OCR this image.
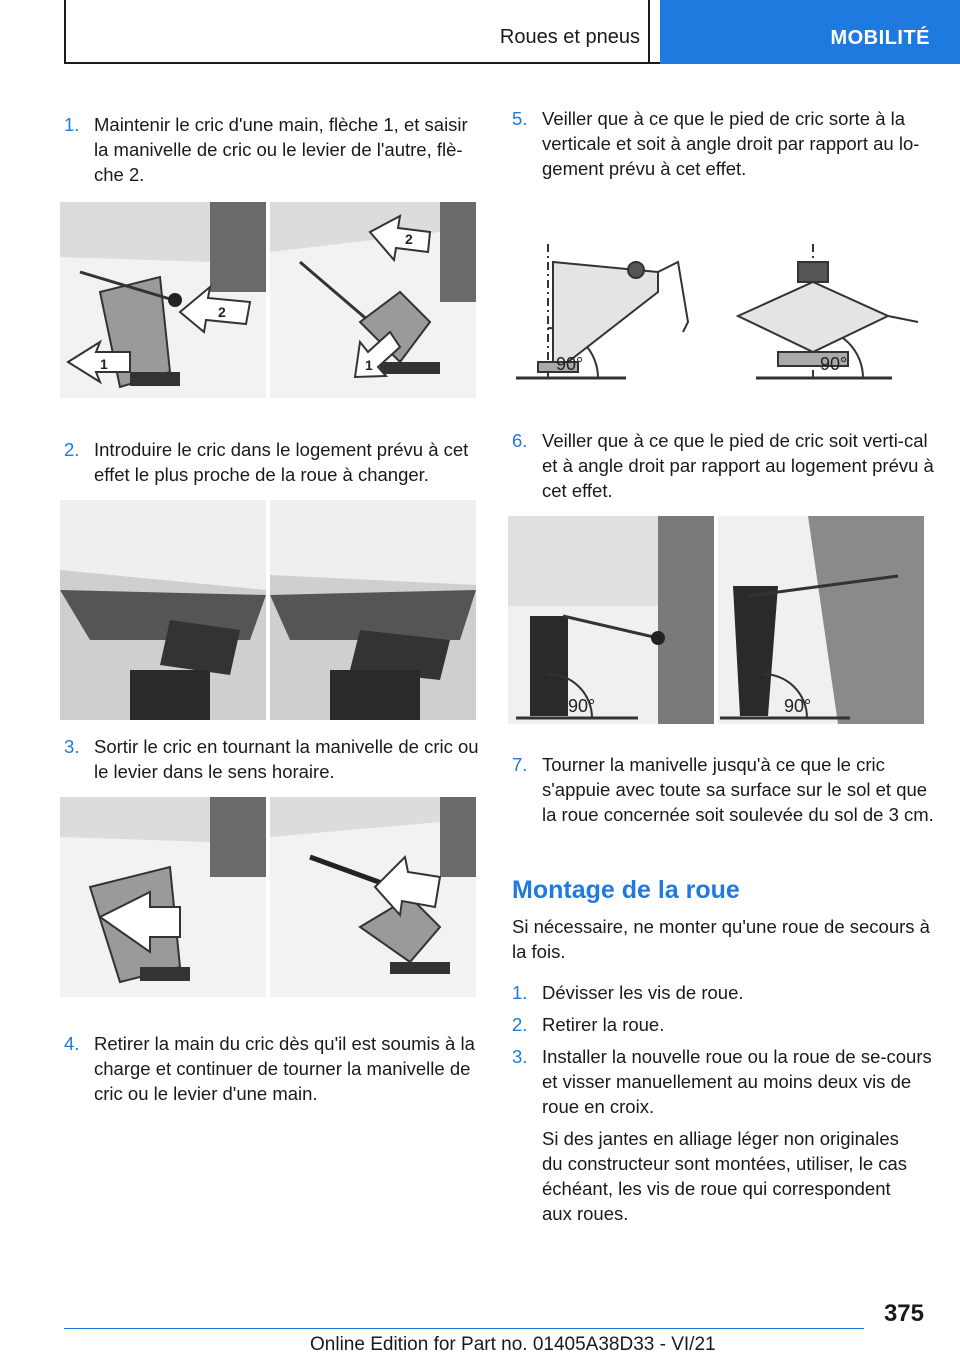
Roues et pneus	MOBILITÉ
1. Maintenir le cric d'une main, flèche 1, et saisir la manivelle de cric ou le levier de l'autre, flè-che 2.
1
2
2
1
2. Introduire le cric dans le logement prévu à cet effet le plus proche de la roue à changer.
3. Sortir le cric en tournant la manivelle de cric ou le levier dans le sens horaire.
4. Retirer la main du cric dès qu'il est soumis à la charge et continuer de tourner la manivelle de cric ou le levier d'une main.
5. Veiller que à ce que le pied de cric sorte à la verticale et soit à angle droit par rapport au lo-gement prévu à cet effet.
90°	90°
6. Veiller que à ce que le pied de cric soit verti-cal et à angle droit par rapport au logement prévu à cet effet.
90°	90°
7. Tourner la manivelle jusqu'à ce que le cric s'appuie avec toute sa surface sur le sol et que la roue concernée soit soulevée du sol de 3 cm.
Montage de la roue
Si nécessaire, ne monter qu'une roue de secours à la fois.
1. Dévisser les vis de roue.
2. Retirer la roue.
3. Installer la nouvelle roue ou la roue de se-cours et visser manuellement au moins deux vis de roue en croix.
Si des jantes en alliage léger non originales du constructeur sont montées, utiliser, le cas échéant, les vis de roue qui correspondent aux roues.
375
Online Edition for Part no. 01405A38D33 - VI/21
